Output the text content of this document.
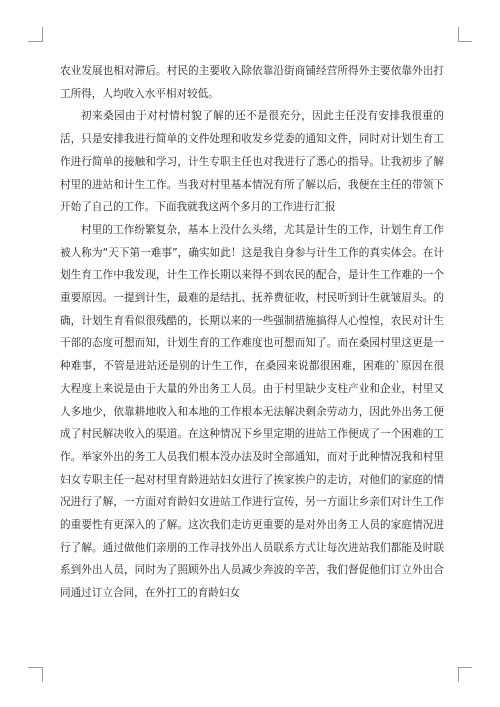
农业发展也相对滞后。村民的主要收入除依靠沿街商铺经营所得外主要依靠外出打工所得，人均收入水平相对较低。

初来桑园由于对村情村貌了解的还不是很充分，因此主任没有安排我很重的活，只是安排我进行简单的文件处理和收发乡党委的通知文件，同时对计划生育工作进行简单的接触和学习，计生专职主任也对我进行了悉心的指导。让我初步了解村里的进站和计生工作。当我对村里基本情况有所了解以后，我便在主任的带领下开始了自己的工作。下面我就我这两个多月的工作进行汇报

村里的工作纷繁复杂，基本上没什么头绪，尤其是计生的工作，计划生育工作被人称为“天下第一难事”，确实如此！这是我自身参与计生工作的真实体会。在计划生育工作中我发现，计生工作长期以来得不到农民的配合，是计生工作难的一个重要原因。一提到计生，最难的是结扎、抚养费征收，村民听到计生就皱眉头。的确，计划生育看似很残酷的，长期以来的一些强制措施搞得人心惶惶，农民对计生干部的态度可想而知，计划生育的工作难度也可想而知了。而在桑园村里这更是一种难事，不管是进站还是别的计生工作，在桑园来说都很困难，困难的`原因在很大程度上来说是由于大量的外出务工人员。由于村里缺少支柱产业和企业，村里又人多地少，依靠耕地收入和本地的工作根本无法解决剩余劳动力，因此外出务工便成了村民解决收入的渠道。在这种情况下乡里定期的进站工作便成了一个困难的工作。举家外出的务工人员我们根本没办法及时全部通知，而对于此种情况我和村里妇女专职主任一起对村里育龄进站妇女进行了挨家挨户的走访，对他们的家庭的情况进行了解，一方面对育龄妇女进站工作进行宣传，另一方面让乡亲们对计生工作的重要性有更深入的了解。这次我们走访更重要的是对外出务工人员的家庭情况进行了解。通过做他们亲朋的工作寻找外出人员联系方式让每次进站我们都能及时联系到外出人员，同时为了照顾外出人员减少奔波的辛苦，我们督促他们订立外出合同通过订立合同，在外打工的育龄妇女
